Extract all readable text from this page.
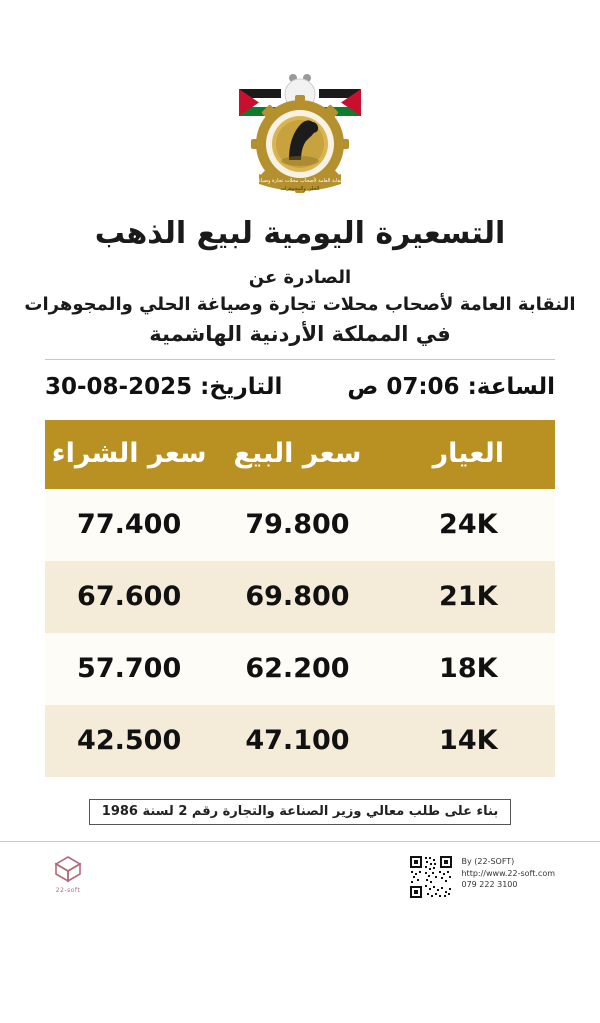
النقابة العامة لأصحاب محلات تجارة وصياغة
الحلي والمجوهرات
التسعيرة اليومية لبيع الذهب
الصادرة عن
النقابة العامة لأصحاب محلات تجارة وصياغة الحلي والمجوهرات
في المملكة الأردنية الهاشمية
التاريخ: 30-08-2025	الساعة: 07:06 ص
العيار	سعر البيع	سعر الشراء
24K	79.800	77.400
21K	69.800	67.600
18K	62.200	57.700
14K	47.100	42.500
بناء على طلب معالي وزير الصناعة والتجارة رقم 2 لسنة 1986
22-soft
By (22-SOFT)
http://www.22-soft.com
079 222 3100
